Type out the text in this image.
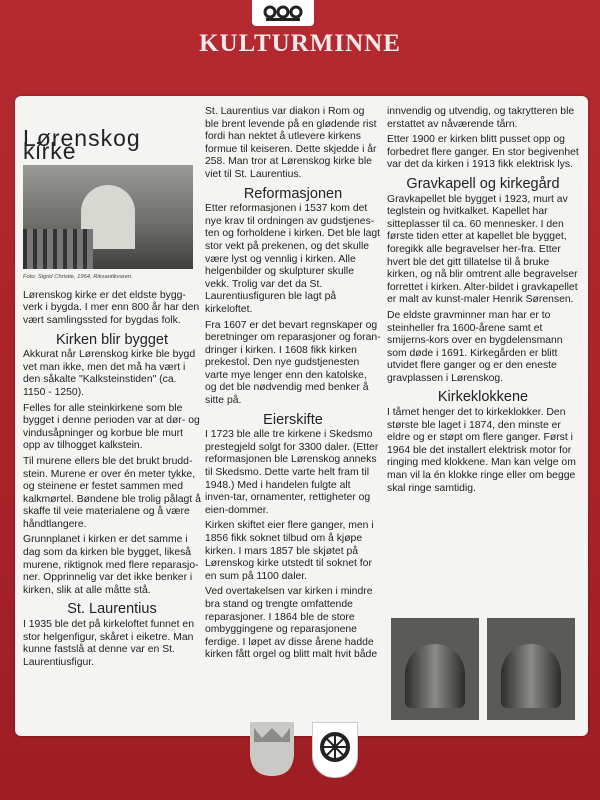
KULTURMINNE
Lørenskog kirke
Foto: Sigrid Christie, 1964, Riksantikvaren.

Lørenskog kirke er det eldste bygg-verk i bygda. I mer enn 800 år har den vært samlingssted for bygdas folk.

Kirken blir bygget

Akkurat når Lørenskog kirke ble bygd vet man ikke, men det må ha vært i den såkalte "Kalksteinstiden" (ca. 1150 - 1250).

Felles for alle steinkirkene som ble bygget i denne perioden var at dør- og vindusåpninger og korbue ble murt opp av tilhogget kalkstein.

Til murene ellers ble det brukt brudd-stein. Murene er over én meter tykke, og steinene er festet sammen med kalkmørtel. Bøndene ble trolig pålagt å skaffe til veie materialene og å være håndtlangere.

Grunnplanet i kirken er det samme i dag som da kirken ble bygget, likeså murene, riktignok med flere reparasjo-ner. Opprinnelig var det ikke benker i kirken, slik at alle måtte stå.

St. Laurentius

I 1935 ble det på kirkeloftet funnet en stor helgenfigur, skåret i eiketre. Man kunne fastslå at denne var en St. Laurentiusfigur.

St. Laurentius var diakon i Rom og ble brent levende på en glødende rist fordi han nektet å utlevere kirkens formue til keiseren. Dette skjedde i år 258. Man tror at Lørenskog kirke ble viet til St. Laurentius.

Reformasjonen

Etter reformasjonen i 1537 kom det nye krav til ordningen av gudstjenes-ten og forholdene i kirken. Det ble lagt stor vekt på prekenen, og det skulle være lyst og vennlig i kirken. Alle helgenbilder og skulpturer skulle vekk. Trolig var det da St. Laurentiusfiguren ble lagt på kirkeloftet.

Fra 1607 er det bevart regnskaper og beretninger om reparasjoner og foran-dringer i kirken. I 1608 fikk kirken prekestol. Den nye gudstjenesten varte mye lenger enn den katolske, og det ble nødvendig med benker å sitte på.

Eierskifte

I 1723 ble alle tre kirkene i Skedsmo prestegjeld solgt for 3300 daler. (Etter reformasjonen ble Lørenskog anneks til Skedsmo. Dette varte helt fram til 1948.) Med i handelen fulgte alt inven-tar, ornamenter, rettigheter og eien-dommer.

Kirken skiftet eier flere ganger, men i 1856 fikk soknet tilbud om å kjøpe kirken. I mars 1857 ble skjøtet på Lørenskog kirke utstedt til soknet for en sum på 1100 daler.

Ved overtakelsen var kirken i mindre bra stand og trengte omfattende reparasjoner. I 1864 ble de store ombyggingene og reparasjonene ferdige. I løpet av disse årene hadde kirken fått orgel og blitt malt hvit både

innvendig og utvendig, og takrytteren ble erstattet av nåværende tårn.

Etter 1900 er kirken blitt pusset opp og forbedret flere ganger. En stor begivenhet var det da kirken i 1913 fikk elektrisk lys.

Gravkapell og kirkegård

Gravkapellet ble bygget i 1923, murt av teglstein og hvitkalket. Kapellet har sitteplasser til ca. 60 mennesker. I den første tiden etter at kapellet ble bygget, foregikk alle begravelser her-fra. Etter hvert ble det gitt tillatelse til å bruke kirken, og nå blir omtrent alle begravelser forrettet i kirken. Alter-bildet i gravkapellet er malt av kunst-maler Henrik Sørensen.

De eldste gravminner man har er to steinheller fra 1600-årene samt et smijerns-kors over en bygdelensmann som døde i 1691. Kirkegården er blitt utvidet flere ganger og er den eneste gravplassen i Lørenskog.

Kirkeklokkene

I tårnet henger det to kirkeklokker. Den største ble laget i 1874, den minste er eldre og er støpt om flere ganger. Først i 1964 ble det installert elektrisk motor for ringing med klokkene. Man kan velge om man vil la én klokke ringe eller om begge skal ringe samtidig.
